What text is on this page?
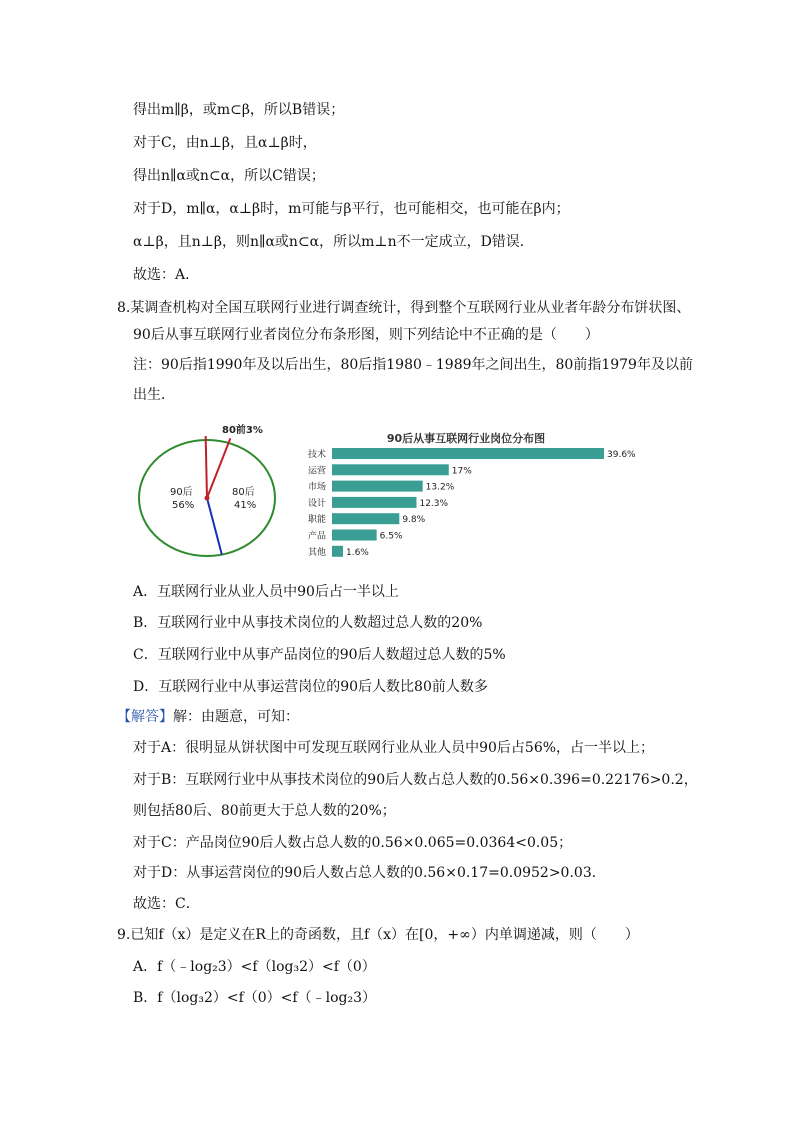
得出m∥β，或m⊂β，所以B错误；
对于C，由n⊥β，且α⊥β时，
得出n∥α或n⊂α，所以C错误；
对于D，m∥α，α⊥β时，m可能与β平行，也可能相交，也可能在β内；
α⊥β，且n⊥β，则n∥α或n⊂α，所以m⊥n不一定成立，D错误．
故选：A．
8.某调查机构对全国互联网行业进行调查统计，得到整个互联网行业从业者年龄分布饼状图、
90后从事互联网行业者岗位分布条形图，则下列结论中不正确的是（　　）
注：90后指1990年及以后出生，80后指1980﹣1989年之间出生，80前指1979年及以前
出生．
90后
56%
80后
41%
80前3%
90后从事互联网行业岗位分布图
技术	39.6%
运营	17%
市场	13.2%
设计	12.3%
职能	9.8%
产品	6.5%
其他 1.6%
A．互联网行业从业人员中90后占一半以上
B．互联网行业中从事技术岗位的人数超过总人数的20%
C．互联网行业中从事产品岗位的90后人数超过总人数的5%
D．互联网行业中从事运营岗位的90后人数比80前人数多
【解答】解：由题意，可知：
对于A：很明显从饼状图中可发现互联网行业从业人员中90后占56%，占一半以上；
对于B：互联网行业中从事技术岗位的90后人数占总人数的0.56×0.396=0.22176>0.2，
则包括80后、80前更大于总人数的20%；
对于C：产品岗位90后人数占总人数的0.56×0.065=0.0364<0.05；
对于D：从事运营岗位的90后人数占总人数的0.56×0.17=0.0952>0.03．
故选：C．
9.已知f（x）是定义在R上的奇函数，且f（x）在[0，+∞）内单调递减，则（　　）
A．f（﹣log₂3）<f（log₃2）<f（0）
B．f（log₃2）<f（0）<f（﹣log₂3）
